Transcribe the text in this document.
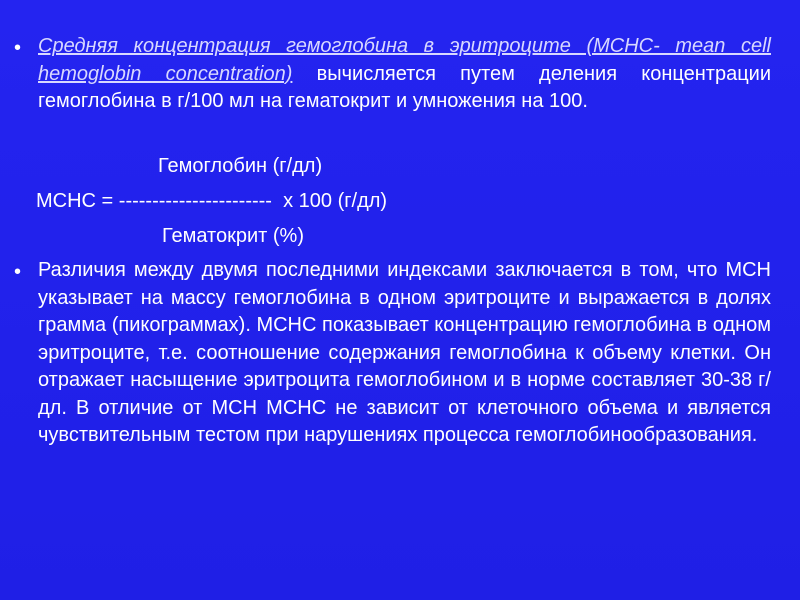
• Средняя концентрация гемоглобина в эритроците (MCHC- mean cell hemoglobin concentration) вычисляется путем деления концентрации гемоглобина в г/100 мл на гематокрит и умножения на 100.
Гемоглобин (г/дл)
МСНС = -----------------------  х 100 (г/дл)
Гематокрит (%)
• Различия между двумя последними индексами заключается в том, что МСН указывает на массу гемоглобина в одном эритроците и выражается в долях грамма (пикограммах). МСНС показывает концентрацию гемоглобина в одном эритроците, т.е. соотношение содержания гемоглобина к объему клетки. Он отражает насыщение эритроцита гемоглобином и в норме составляет 30-38 г/дл. В отличие от МСН МСНС не зависит от клеточного объема и является чувствительным тестом при нарушениях процесса гемоглобинообразования.
